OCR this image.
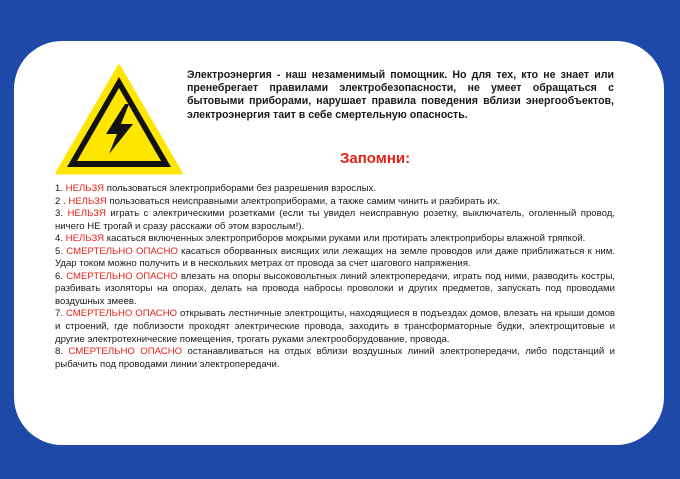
Электроэнергия - наш незаменимый помощник. Но для тех, кто не знает или пренебрегает правилами электробезопасности, не умеет обращаться с бытовыми приборами, нарушает правила поведения вблизи энергообъектов, электроэнергия таит в себе смертельную опасность.
Запомни:

1. НЕЛЬЗЯ пользоваться электроприборами без разрешения взрослых.

2 . НЕЛЬЗЯ пользоваться неисправными электроприборами, а также самим чинить и разбирать их.

3. НЕЛЬЗЯ играть с электрическими розетками (если ты увидел неисправную розетку, выключатель, оголенный провод, ничего НЕ трогай и сразу расскажи об этом взрослым!).

4. НЕЛЬЗЯ касаться включенных электроприборов мокрыми руками или протирать электроприборы влажной тряпкой.

5. СМЕРТЕЛЬНО ОПАСНО касаться оборванных висящих или лежащих на земле проводов или даже приближаться к ним. Удар током можно получить и в нескольких метрах от провода за счет шагового напряжения.

6. СМЕРТЕЛЬНО ОПАСНО влезать на опоры высоковольтных линий электропередачи, играть под ними, разводить костры, разбивать изоляторы на опорах, делать на провода набросы проволоки и других предметов, запускать под проводами воздушных змеев.

7. СМЕРТЕЛЬНО ОПАСНО открывать лестничные электрощиты, находящиеся в подъездах домов, влезать на крыши домов и строений, где поблизости проходят электрические провода, заходить в трансформаторные будки, электрощитовые и другие электротехнические помещения, трогать руками электрооборудование, провода.

8. СМЕРТЕЛЬНО ОПАСНО останавливаться на отдых вблизи воздушных линий электропередачи, либо подстанций и рыбачить под проводами линии электропередачи.
